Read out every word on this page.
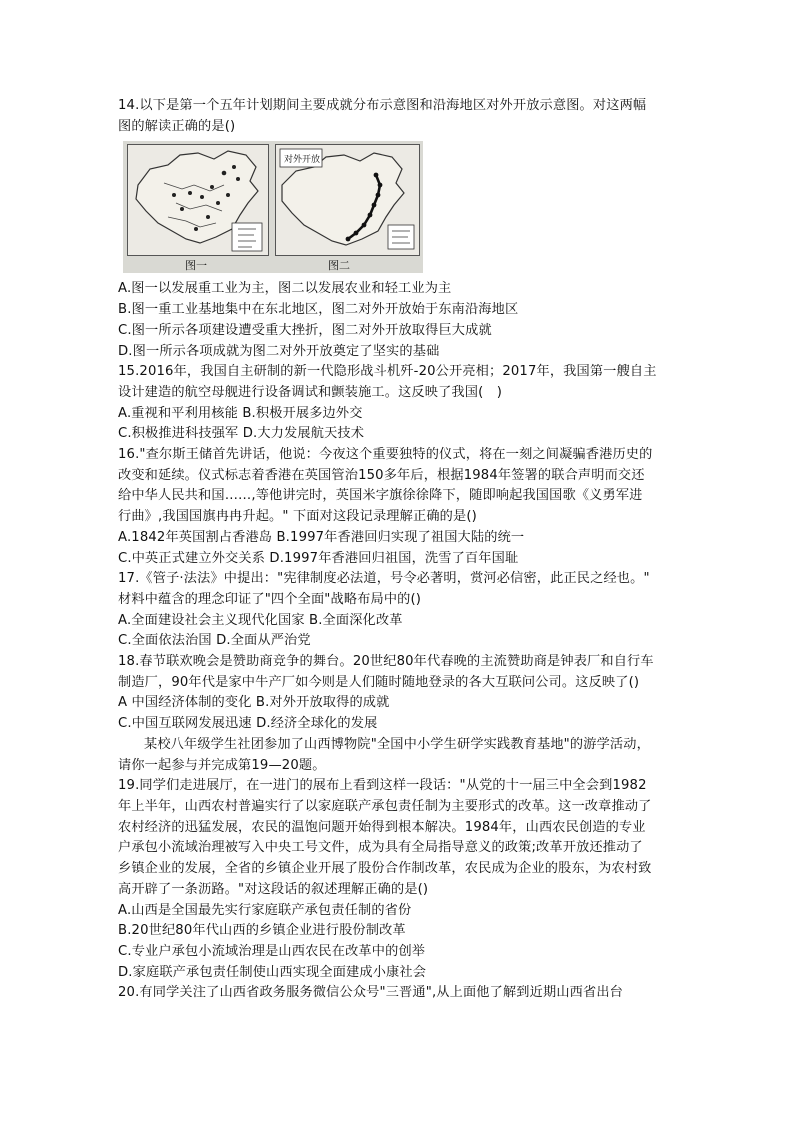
14.以下是第一个五年计划期间主要成就分布示意图和沿海地区对外开放示意图。对这两幅
图的解读正确的是()
对外开放
图一	图二
A.图一以发展重工业为主，图二以发展农业和轻工业为主
B.图一重工业基地集中在东北地区，图二对外开放始于东南沿海地区
C.图一所示各项建设遭受重大挫折，图二对外开放取得巨大成就
D.图一所示各项成就为图二对外开放奠定了坚实的基础
15.2016年，我国自主研制的新一代隐形战斗机歼-20公开亮相；2017年，我国第一艘自主
设计建造的航空母舰进行设备调试和颤装施工。这反映了我国(　)
A.重视和平利用核能 B.积极开展多边外交
C.积极推进科技强军 D.大力发展航天技术
16."查尔斯王储首先讲话，他说：今夜这个重要独特的仪式，将在一刻之间凝骗香港历史的
改变和延续。仪式标志着香港在英国管治150多年后，根据1984年签署的联合声明而交还
给中华人民共和国……,等他讲完时，英国米字旗徐徐降下，随即响起我国国歌《义勇军进
行曲》,我国国旗冉冉升起。" 下面对这段记录理解正确的是()
A.1842年英国割占香港岛 B.1997年香港回归实现了祖国大陆的统一
C.中英正式建立外交关系 D.1997年香港回归祖国，洗雪了百年国耻
17.《管子·法法》中提出："宪律制度必法道，号令必著明，赏河必信密，此正民之经也。"
材料中蕴含的理念印证了"四个全面"战略布局中的()
A.全面建设社会主义现代化国家 B.全面深化改革
C.全面依法治国 D.全面从严治党
18.春节联欢晚会是赞助商竞争的舞台。20世纪80年代春晚的主流赞助商是钟表厂和自行车
制造厂，90年代是家中牛产厂如今则是人们随时随地登录的各大互联问公司。这反映了()
A 中国经济体制的变化 B.对外开放取得的成就
C.中国互联网发展迅速 D.经济全球化的发展
某校八年级学生社团参加了山西博物院"全国中小学生研学实践教育基地"的游学活动，
请你一起参与并完成第19—20题。
19.同学们走进展厅，在一进门的展布上看到这样一段话："从党的十一届三中全会到1982
年上半年，山西农村普遍实行了以家庭联产承包责任制为主要形式的改革。这一改章推动了
农村经济的迅猛发展，农民的温饱问题开始得到根本解决。1984年，山西农民创造的专业
户承包小流域治理被写入中央工号文件，成为具有全局指导意义的政策;改革开放还推动了
乡镇企业的发展，全省的乡镇企业开展了股份合作制改革，农民成为企业的股东，为农村致
高开辟了一条沥路。"对这段话的叙述理解正确的是()
A.山西是全国最先实行家庭联产承包责任制的省份
B.20世纪80年代山西的乡镇企业进行股份制改革
C.专业户承包小流域治理是山西农民在改革中的创举
D.家庭联产承包责任制使山西实现全面建成小康社会
20.有同学关注了山西省政务服务微信公众号"三晋通",从上面他了解到近期山西省出台
